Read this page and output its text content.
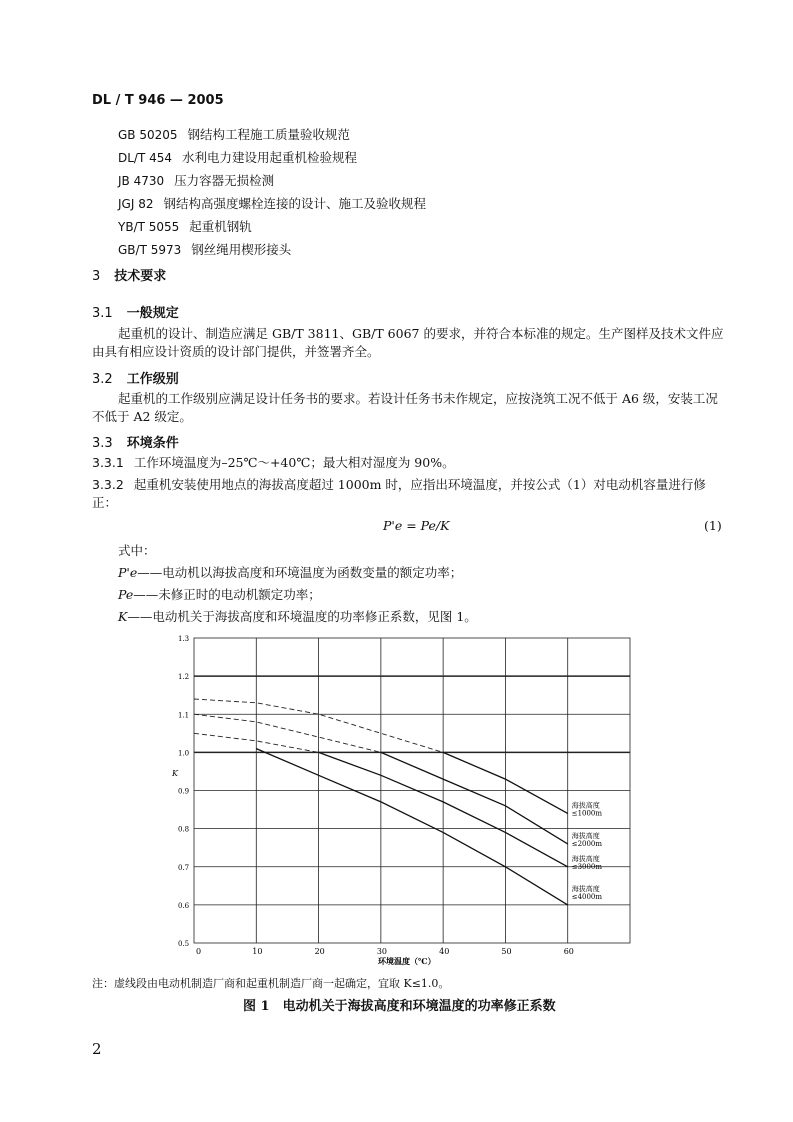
DL / T 946 — 2005
GB 50205 钢结构工程施工质量验收规范
DL/T 454 水利电力建设用起重机检验规程
JB 4730 压力容器无损检测
JGJ 82 钢结构高强度螺栓连接的设计、施工及验收规程
YB/T 5055 起重机钢轨
GB/T 5973 钢丝绳用楔形接头
3 技术要求
3.1 一般规定
起重机的设计、制造应满足 GB/T 3811、GB/T 6067 的要求，并符合本标准的规定。生产图样及技术文件应由具有相应设计资质的设计部门提供，并签署齐全。
3.2 工作级别
起重机的工作级别应满足设计任务书的要求。若设计任务书未作规定，应按浇筑工况不低于 A6 级，安装工况不低于 A2 级定。
3.3 环境条件
3.3.1 工作环境温度为–25℃～+40℃；最大相对湿度为 90%。
3.3.2 起重机安装使用地点的海拔高度超过 1000m 时，应指出环境温度，并按公式（1）对电动机容量进行修正：
P'e = Pe/K	(1)
式中：
P'e——电动机以海拔高度和环境温度为函数变量的额定功率；
Pe——未修正时的电动机额定功率；
K——电动机关于海拔高度和环境温度的功率修正系数，见图 1。
0	10	20	30	40	50	60
0.5
0.6
0.7
0.8
0.9
1.0
1.1
1.2
1.3
海拔高度
≤1000m
海拔高度
≤2000m
海拔高度
≤3000m
海拔高度
≤4000m
K
环境温度（℃）
注：虚线段由电动机制造厂商和起重机制造厂商一起确定，宜取 K≤1.0。
图 1　电动机关于海拔高度和环境温度的功率修正系数
2
